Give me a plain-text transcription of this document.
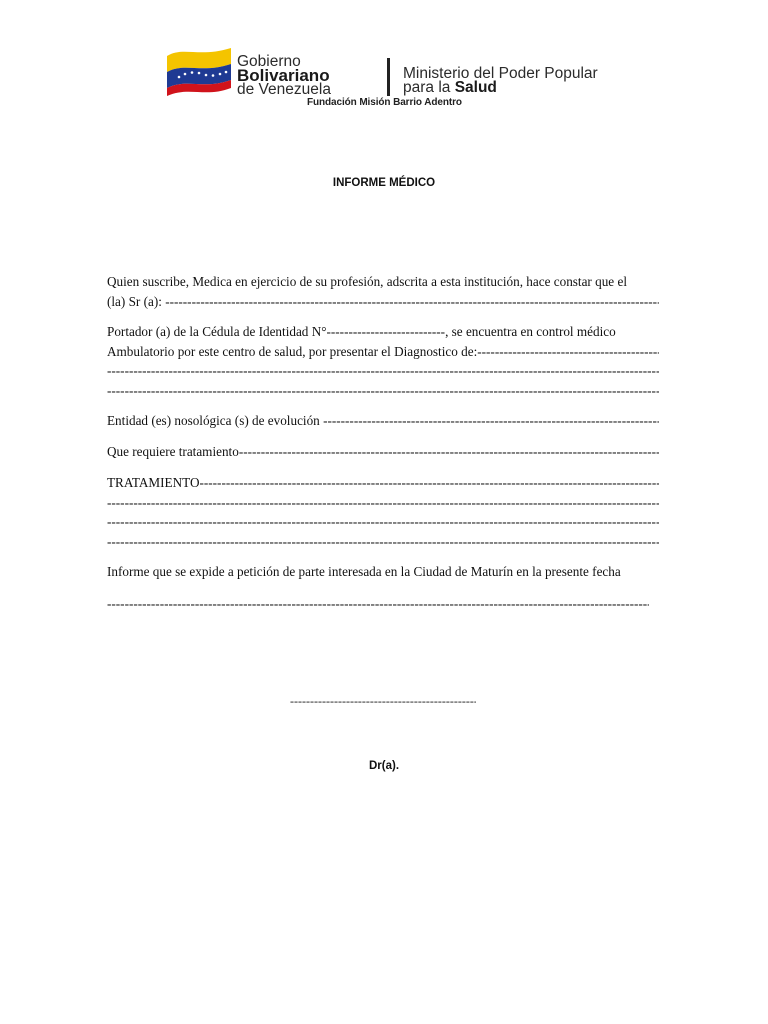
Gobierno
Bolivariano
de Venezuela
Ministerio del Poder Popular
para la Salud
Fundación Misión Barrio Adentro
INFORME MÉDICO
Quien suscribe, Medica en ejercicio de su profesión, adscrita a esta institución, hace constar que el
(la) Sr (a): -----
Portador (a) de la Cédula de Identidad N°---------------------------, se encuentra en control médico
Ambulatorio por este centro de salud, por presentar el Diagnostico de: -----
-----
-----
Entidad (es) nosológica (s) de evolución -----
Que requiere tratamiento -----
TRATAMIENTO -----
-----
-----
-----
Informe que se expide a petición de parte interesada en la Ciudad de Maturín en la presente fecha
-----
-----
Dr(a).
